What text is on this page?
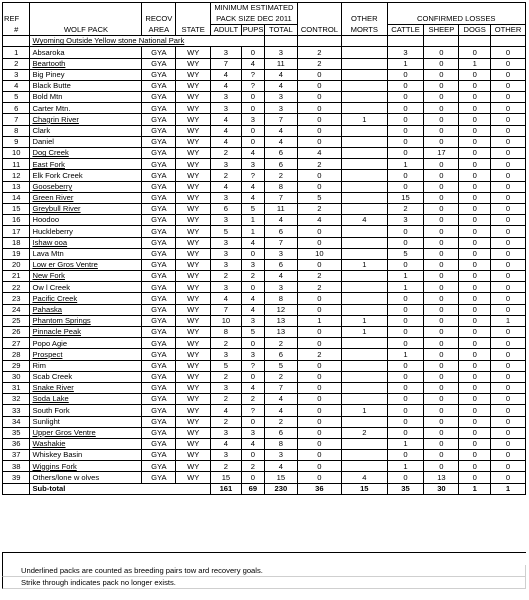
				MINIMUM ESTIMATED								
REF		RECOV		PACK SIZE DEC 2011				OTHER	CONFIRMED LOSSES			
#	WOLF PACK	AREA	STATE	ADULT	PUPS	TOTAL	CONTROL	MORTS	CATTLE	SHEEP	DOGS	OTHER
	Wyoming Outside Yellow stone National Park											
1	Absaroka	GYA	WY	3	0	3	2		3	0	0	0
2	Beartooth	GYA	WY	7	4	11	2		1	0	1	0
3	Big Piney	GYA	WY	4	?	4	0		0	0	0	0
4	Black Butte	GYA	WY	4	?	4	0		0	0	0	0
5	Bold Mtn	GYA	WY	3	0	3	0		0	0	0	0
6	Carter Mtn.	GYA	WY	3	0	3	0		0	0	0	0
7	Chagrin River	GYA	WY	4	3	7	0	1	0	0	0	0
8	Clark	GYA	WY	4	0	4	0		0	0	0	0
9	Daniel	GYA	WY	4	0	4	0		0	0	0	0
10	Dog Creek	GYA	WY	2	4	6	4		0	17	0	0
11	East Fork	GYA	WY	3	3	6	2		1	0	0	0
12	Elk Fork Creek	GYA	WY	2	?	2	0		0	0	0	0
13	Gooseberry	GYA	WY	4	4	8	0		0	0	0	0
14	Green River	GYA	WY	3	4	7	5		15	0	0	0
15	Greybull River	GYA	WY	6	5	11	2		2	0	0	0
16	Hoodoo	GYA	WY	3	1	4	4	4	3	0	0	0
17	Huckleberry	GYA	WY	5	1	6	0		0	0	0	0
18	Ishaw ooa	GYA	WY	3	4	7	0		0	0	0	0
19	Lava Mtn	GYA	WY	3	0	3	10		5	0	0	0
20	Low er Gros Ventre	GYA	WY	3	3	6	0	1	0	0	0	0
21	New Fork	GYA	WY	2	2	4	2		1	0	0	0
22	Ow l Creek	GYA	WY	3	0	3	2		1	0	0	0
23	Pacific Creek	GYA	WY	4	4	8	0		0	0	0	0
24	Pahaska	GYA	WY	7	4	12	0		0	0	0	0
25	Phantom Springs	GYA	WY	10	3	13	1	1	0	0	0	1
26	Pinnacle Peak	GYA	WY	8	5	13	0	1	0	0	0	0
27	Popo Agie	GYA	WY	2	0	2	0		0	0	0	0
28	Prospect	GYA	WY	3	3	6	2		1	0	0	0
29	Rim	GYA	WY	5	?	5	0		0	0	0	0
30	Scab Creek	GYA	WY	2	0	2	0		0	0	0	0
31	Snake River	GYA	WY	3	4	7	0		0	0	0	0
32	Soda Lake	GYA	WY	2	2	4	0		0	0	0	0
33	South Fork	GYA	WY	4	?	4	0	1	0	0	0	0
34	Sunlight	GYA	WY	2	0	2	0		0	0	0	0
35	Upper Gros Ventre	GYA	WY	3	3	6	0	2	0	0	0	0
36	Washakie	GYA	WY	4	4	8	0		1	0	0	0
37	Whiskey Basin	GYA	WY	3	0	3	0		0	0	0	0
38	Wiggins Fork	GYA	WY	2	2	4	0		1	0	0	0
39	Others/lone w olves	GYA	WY	15	0	15	0	4	0	13	0	0
	Sub-total			161	69	230	36	15	35	30	1	1
Underlined packs are counted as breeding pairs tow ard recovery goals.
Strike through indicates pack no longer exists.
